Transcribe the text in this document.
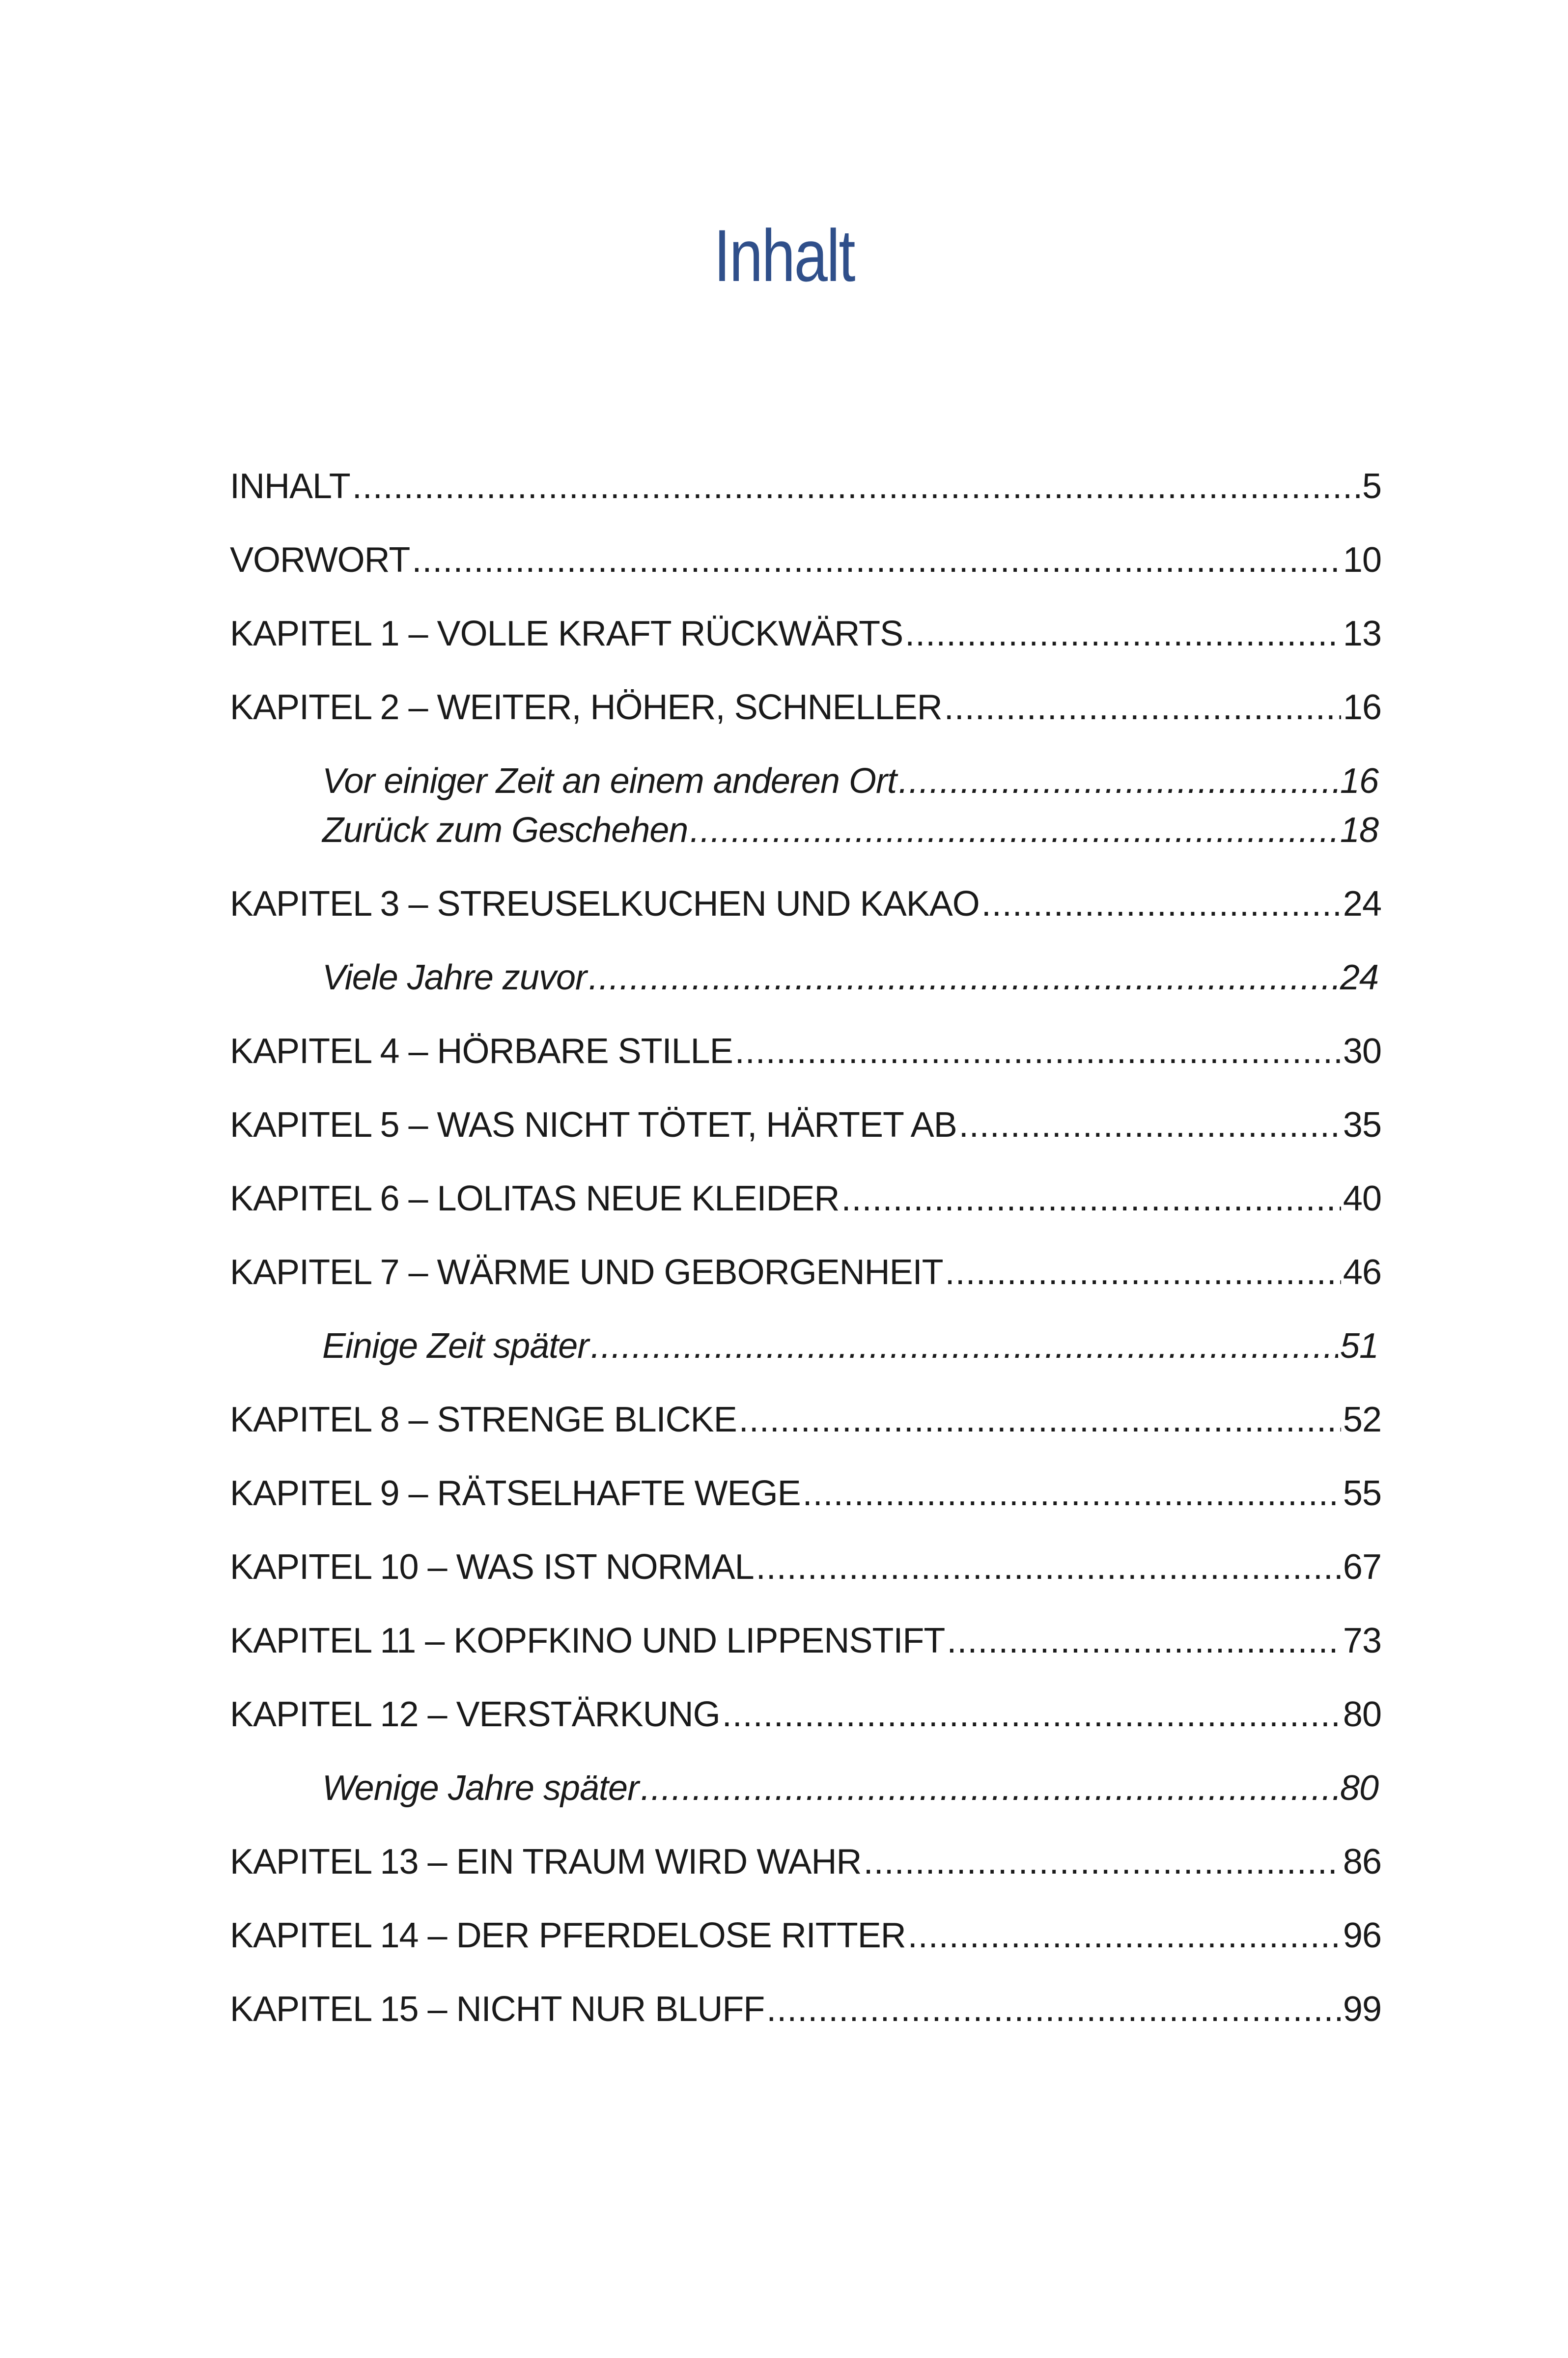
Inhalt
INHALT .....	5
VORWORT .....	10
KAPITEL 1 – VOLLE KRAFT RÜCKWÄRTS .....	13
KAPITEL 2 – WEITER, HÖHER, SCHNELLER .....	16
Vor einiger Zeit an einem anderen Ort .....	16
Zurück zum Geschehen .....	18
KAPITEL 3 – STREUSELKUCHEN UND KAKAO .....	24
Viele Jahre zuvor .....	24
KAPITEL 4 – HÖRBARE STILLE .....	30
KAPITEL 5 – WAS NICHT TÖTET, HÄRTET AB .....	35
KAPITEL 6 – LOLITAS NEUE KLEIDER .....	40
KAPITEL 7 – WÄRME UND GEBORGENHEIT .....	46
Einige Zeit später .....	51
KAPITEL 8 – STRENGE BLICKE .....	52
KAPITEL 9 – RÄTSELHAFTE WEGE .....	55
KAPITEL 10 – WAS IST NORMAL .....	67
KAPITEL 11 – KOPFKINO UND LIPPENSTIFT .....	73
KAPITEL 12 – VERSTÄRKUNG .....	80
Wenige Jahre später .....	80
KAPITEL 13 – EIN TRAUM WIRD WAHR .....	86
KAPITEL 14 – DER PFERDELOSE RITTER .....	96
KAPITEL 15 – NICHT NUR BLUFF .....	99
